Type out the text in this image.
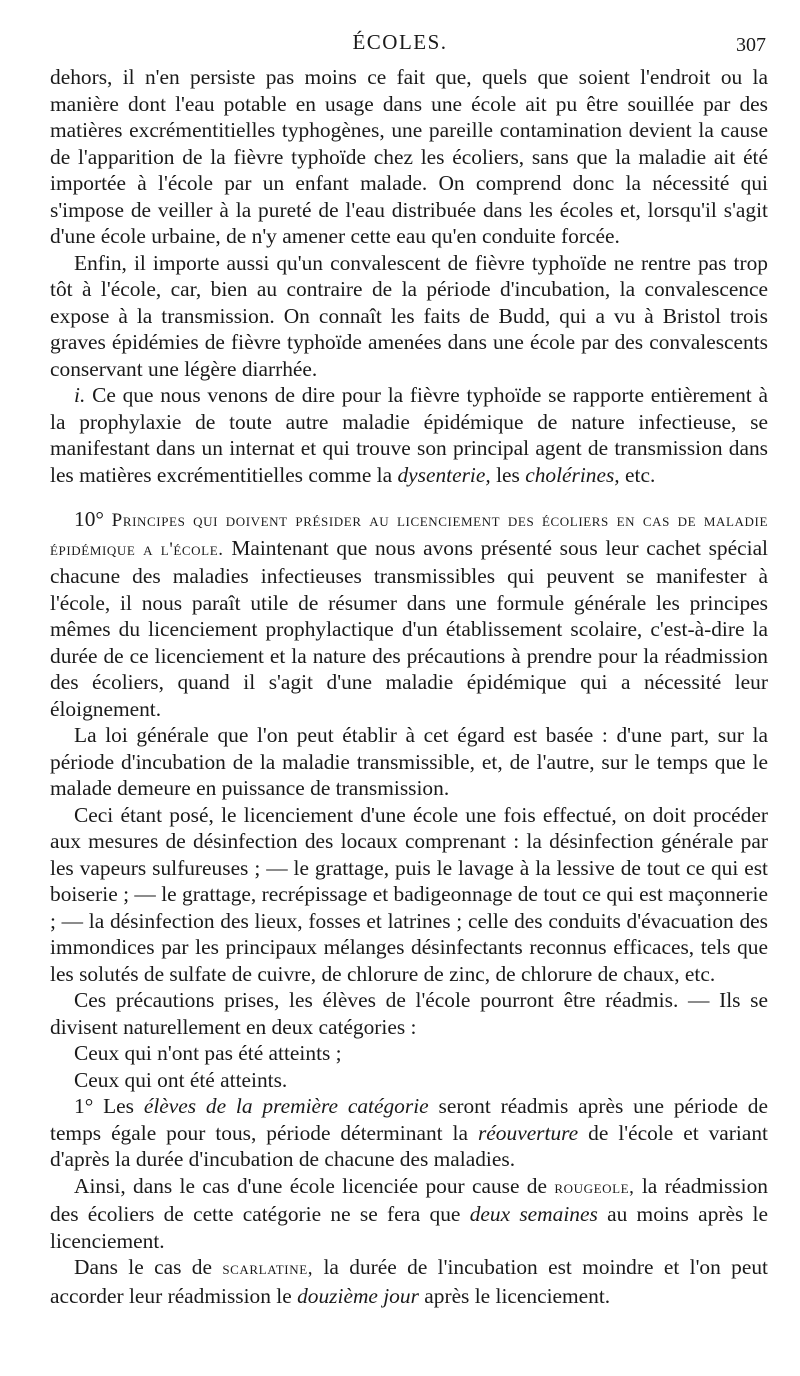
ÉCOLES.	307

dehors, il n'en persiste pas moins ce fait que, quels que soient l'endroit ou la manière dont l'eau potable en usage dans une école ait pu être souillée par des matières excrémentitielles typhogènes, une pareille contamination devient la cause de l'apparition de la fièvre typhoïde chez les écoliers, sans que la maladie ait été importée à l'école par un enfant malade. On comprend donc la nécessité qui s'impose de veiller à la pureté de l'eau distribuée dans les écoles et, lorsqu'il s'agit d'une école urbaine, de n'y amener cette eau qu'en conduite forcée.

Enfin, il importe aussi qu'un convalescent de fièvre typhoïde ne rentre pas trop tôt à l'école, car, bien au contraire de la période d'incubation, la convalescence expose à la transmission. On connaît les faits de Budd, qui a vu à Bristol trois graves épidémies de fièvre typhoïde amenées dans une école par des convalescents conservant une légère diarrhée.

i. Ce que nous venons de dire pour la fièvre typhoïde se rapporte entièrement à la prophylaxie de toute autre maladie épidémique de nature infectieuse, se manifestant dans un internat et qui trouve son principal agent de transmission dans les matières excrémentitielles comme la dysenterie, les cholérines, etc.

10° Principes qui doivent présider au licenciement des écoliers en cas de maladie épidémique a l'école. Maintenant que nous avons présenté sous leur cachet spécial chacune des maladies infectieuses transmissibles qui peuvent se manifester à l'école, il nous paraît utile de résumer dans une formule générale les principes mêmes du licenciement prophylactique d'un établissement scolaire, c'est-à-dire la durée de ce licenciement et la nature des précautions à prendre pour la réadmission des écoliers, quand il s'agit d'une maladie épidémique qui a nécessité leur éloignement.

La loi générale que l'on peut établir à cet égard est basée : d'une part, sur la période d'incubation de la maladie transmissible, et, de l'autre, sur le temps que le malade demeure en puissance de transmission.

Ceci étant posé, le licenciement d'une école une fois effectué, on doit procéder aux mesures de désinfection des locaux comprenant : la désinfection générale par les vapeurs sulfureuses ; — le grattage, puis le lavage à la lessive de tout ce qui est boiserie ; — le grattage, recrépissage et badigeonnage de tout ce qui est maçonnerie ; — la désinfection des lieux, fosses et latrines ; celle des conduits d'évacuation des immondices par les principaux mélanges désinfectants reconnus efficaces, tels que les solutés de sulfate de cuivre, de chlorure de zinc, de chlorure de chaux, etc.

Ces précautions prises, les élèves de l'école pourront être réadmis. — Ils se divisent naturellement en deux catégories :

Ceux qui n'ont pas été atteints ;

Ceux qui ont été atteints.

1° Les élèves de la première catégorie seront réadmis après une période de temps égale pour tous, période déterminant la réouverture de l'école et variant d'après la durée d'incubation de chacune des maladies.

Ainsi, dans le cas d'une école licenciée pour cause de rougeole, la réadmission des écoliers de cette catégorie ne se fera que deux semaines au moins après le licenciement.

Dans le cas de scarlatine, la durée de l'incubation est moindre et l'on peut accorder leur réadmission le douzième jour après le licenciement.
